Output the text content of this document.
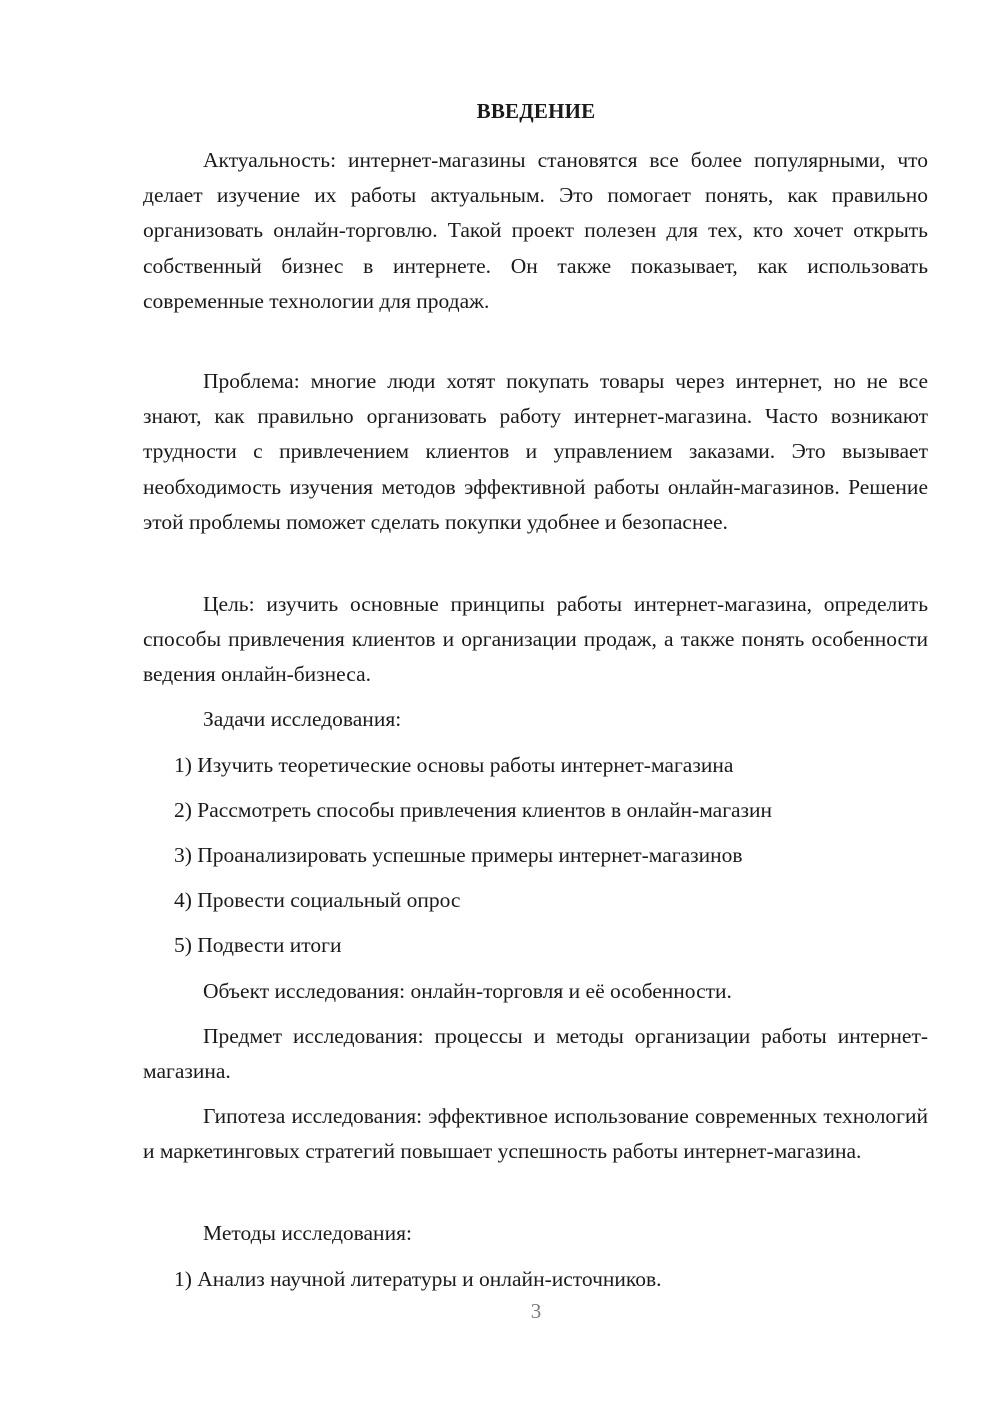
ВВЕДЕНИЕ

Актуальность: интернет-магазины становятся все более популярными, что делает изучение их работы актуальным. Это помогает понять, как правильно организовать онлайн-торговлю. Такой проект полезен для тех, кто хочет открыть собственный бизнес в интернете. Он также показывает, как использовать современные технологии для продаж.

Проблема: многие люди хотят покупать товары через интернет, но не все знают, как правильно организовать работу интернет-магазина. Часто возникают трудности с привлечением клиентов и управлением заказами. Это вызывает необходимость изучения методов эффективной работы онлайн-магазинов. Решение этой проблемы поможет сделать покупки удобнее и безопаснее.

Цель: изучить основные принципы работы интернет-магазина, определить способы привлечения клиентов и организации продаж, а также понять особенности ведения онлайн-бизнеса.

Задачи исследования:

1) Изучить теоретические основы работы интернет-магазина

2) Рассмотреть способы привлечения клиентов в онлайн-магазин

3) Проанализировать успешные примеры интернет-магазинов

4) Провести социальный опрос

5) Подвести итоги

Объект исследования: онлайн-торговля и её особенности.

Предмет исследования: процессы и методы организации работы интернет-магазина.

Гипотеза исследования: эффективное использование современных технологий и маркетинговых стратегий повышает успешность работы интернет-магазина.

Методы исследования:

1) Анализ научной литературы и онлайн-источников.

3
